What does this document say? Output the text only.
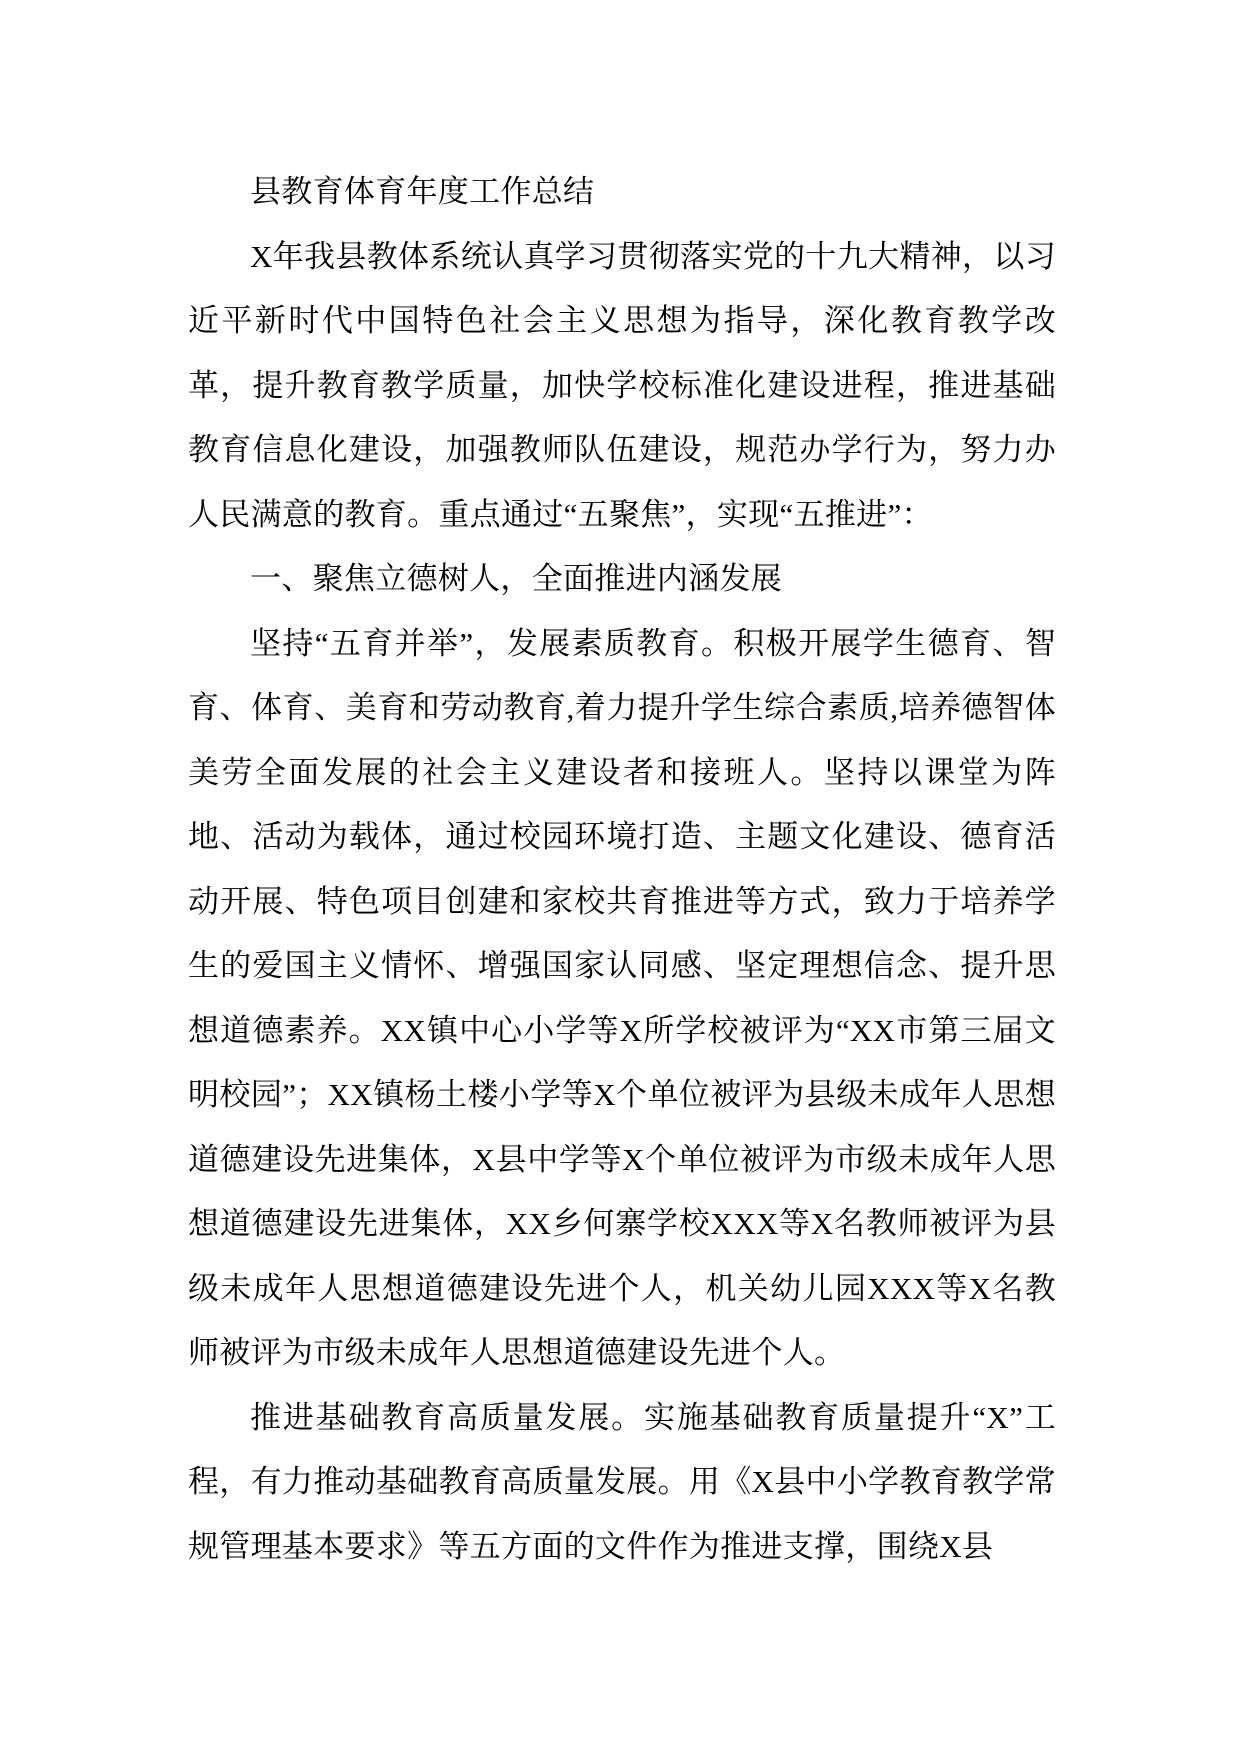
县教育体育年度工作总结

X年我县教体系统认真学习贯彻落实党的十九大精神，以习近平新时代中国特色社会主义思想为指导，深化教育教学改革，提升教育教学质量，加快学校标准化建设进程，推进基础教育信息化建设，加强教师队伍建设，规范办学行为，努力办人民满意的教育。重点通过“五聚焦”，实现“五推进”：

一、聚焦立德树人，全面推进内涵发展

坚持“五育并举”，发展素质教育。积极开展学生德育、智育、体育、美育和劳动教育,着力提升学生综合素质,培养德智体美劳全面发展的社会主义建设者和接班人。坚持以课堂为阵地、活动为载体，通过校园环境打造、主题文化建设、德育活动开展、特色项目创建和家校共育推进等方式，致力于培养学生的爱国主义情怀、增强国家认同感、坚定理想信念、提升思想道德素养。XX镇中心小学等X所学校被评为“XX市第三届文明校园”；XX镇杨土楼小学等X个单位被评为县级未成年人思想道德建设先进集体，X县中学等X个单位被评为市级未成年人思想道德建设先进集体，XX乡何寨学校XXX等X名教师被评为县级未成年人思想道德建设先进个人，机关幼儿园XXX等X名教师被评为市级未成年人思想道德建设先进个人。

推进基础教育高质量发展。实施基础教育质量提升“X”工程，有力推动基础教育高质量发展。用《X县中小学教育教学常规管理基本要求》等五方面的文件作为推进支撑，围绕X县
